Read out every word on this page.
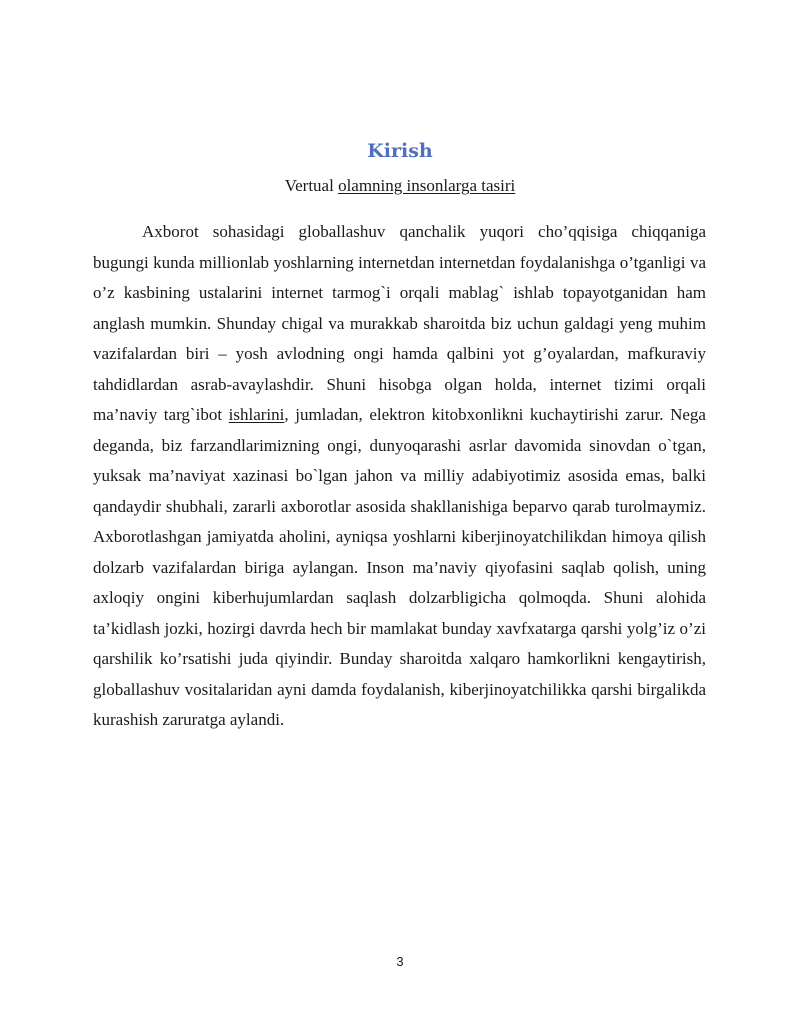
Kirish
Vertual olamning insonlarga tasiri

Axborot sohasidagi globallashuv qanchalik yuqori cho’qqisiga chiqqaniga bugungi kunda millionlab yoshlarning internetdan internetdan foydalanishga o’tganligi va o’z kasbining ustalarini internet tarmog`i orqali mablag` ishlab topayotganidan ham anglash mumkin. Shunday chigal va murakkab sharoitda biz uchun galdagi yeng muhim vazifalardan biri – yosh avlodning ongi hamda qalbini yot g’oyalardan, mafkuraviy tahdidlardan asrab-avaylashdir. Shuni hisobga olgan holda, internet tizimi orqali ma’naviy targ`ibot ishlarini, jumladan, elektron kitobxonlikni kuchaytirishi zarur. Nega deganda, biz farzandlarimizning ongi, dunyoqarashi asrlar davomida sinovdan o`tgan, yuksak ma’naviyat xazinasi bo`lgan jahon va milliy adabiyotimiz asosida emas, balki qandaydir shubhali, zararli axborotlar asosida shakllanishiga beparvo qarab turolmaymiz. Axborotlashgan jamiyatda aholini, ayniqsa yoshlarni kiberjinoyatchilikdan himoya qilish dolzarb vazifalardan biriga aylangan. Inson ma’naviy qiyofasini saqlab qolish, uning axloqiy ongini kiberhujumlardan saqlash dolzarbligicha qolmoqda. Shuni alohida ta’kidlash jozki, hozirgi davrda hech bir mamlakat bunday xavfxatarga qarshi yolg’iz o’zi qarshilik ko’rsatishi juda qiyindir. Bunday sharoitda xalqaro hamkorlikni kengaytirish, globallashuv vositalaridan ayni damda foydalanish, kiberjinoyatchilikka qarshi birgalikda kurashish zaruratga aylandi.

3
